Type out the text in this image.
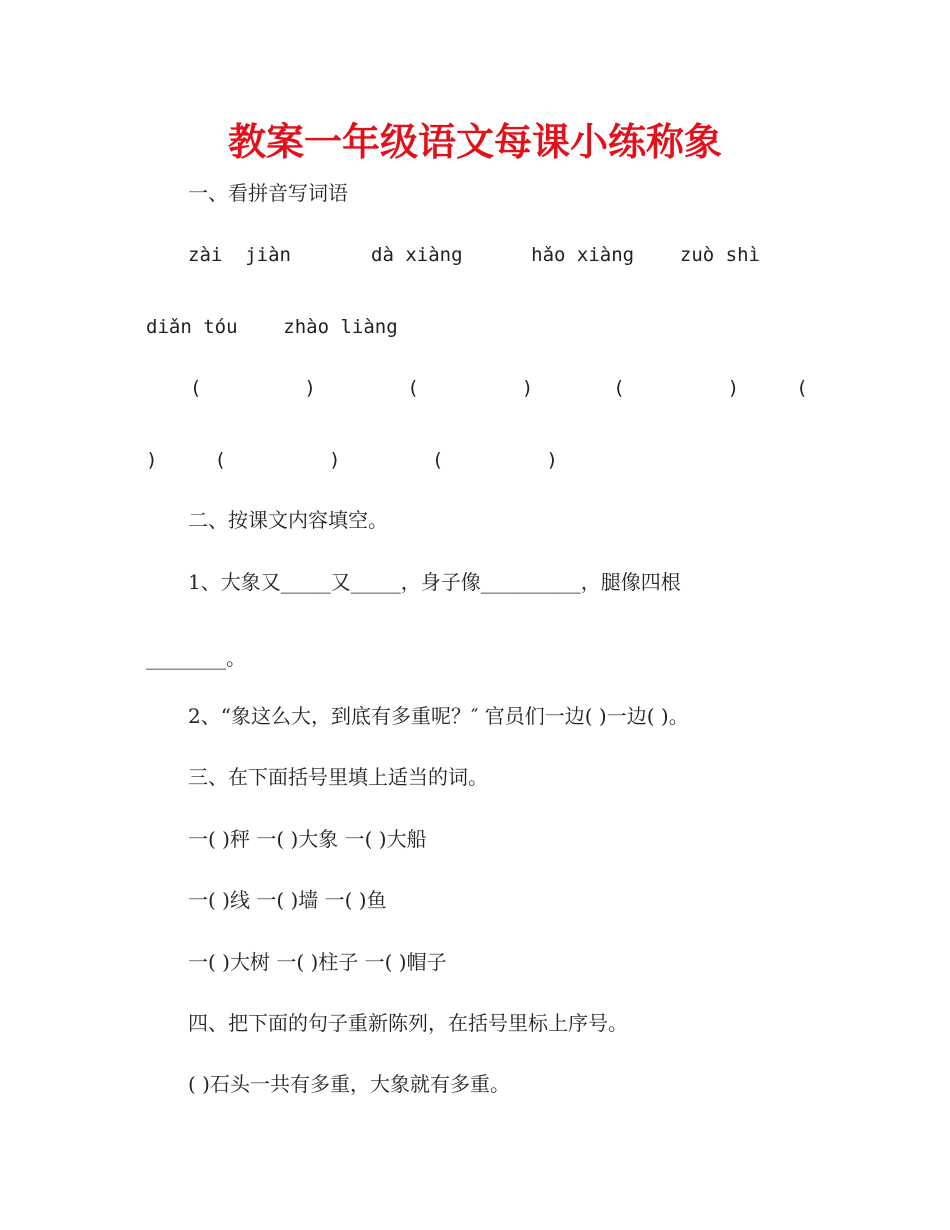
教案一年级语文每课小练称象
一、看拼音写词语
zài  jiàn       dà xiàng      hǎo xiàng    zuò shì
diǎn tóu    zhào liàng
(         )        (         )       (         )     (
)     (         )        (         )
二、按课文内容填空。
1、大象又_____又_____，身子像__________，腿像四根
________。
2、“象这么大，到底有多重呢？″ 官员们一边( )一边( )。
三、在下面括号里填上适当的词。
一( )秤 一( )大象 一( )大船
一( )线 一( )墙 一( )鱼
一( )大树 一( )柱子 一( )帽子
四、把下面的句子重新陈列，在括号里标上序号。
( )石头一共有多重，大象就有多重。
